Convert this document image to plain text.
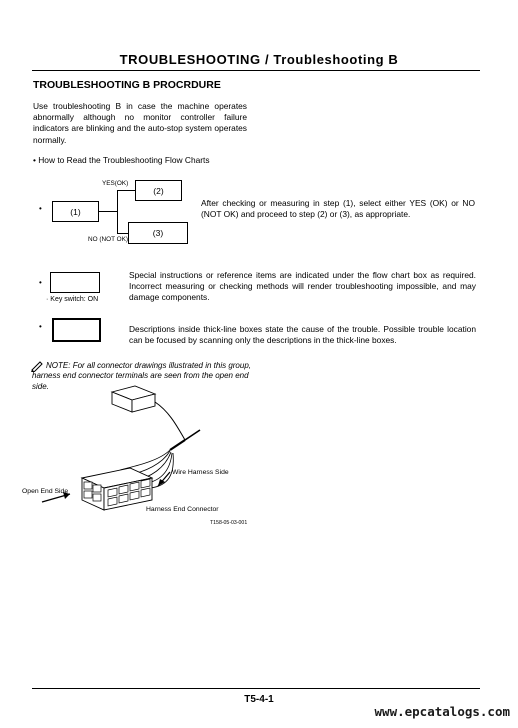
TROUBLESHOOTING / Troubleshooting B
TROUBLESHOOTING B PROCRDURE
Use troubleshooting B in case the machine operates abnormally although no monitor controller failure indicators are blinking and the auto-stop system operates normally.
• How to Read the Troubleshooting Flow Charts
•	(1)
(2)
(3)
YES(OK)
NO (NOT OK)
After checking or measuring in step (1), select either YES (OK) or NO (NOT OK) and proceed to step (2) or (3), as appropriate.
•
· Key switch: ON
Special instructions or reference items are indicated under the flow chart box as required. Incorrect measuring or checking methods will render troubleshooting impossible, and may damage components.
•	Descriptions inside thick-line boxes state the cause of the trouble. Possible trouble location can be focused by scanning only the descriptions in the thick-line boxes.
NOTE: For all connector drawings illustrated in this group, harness end connector terminals are seen from the open end side.
Wire Harness Side
Open End Side
Harness End Connector
T158-05-03-001
T5-4-1
www.epcatalogs.com
